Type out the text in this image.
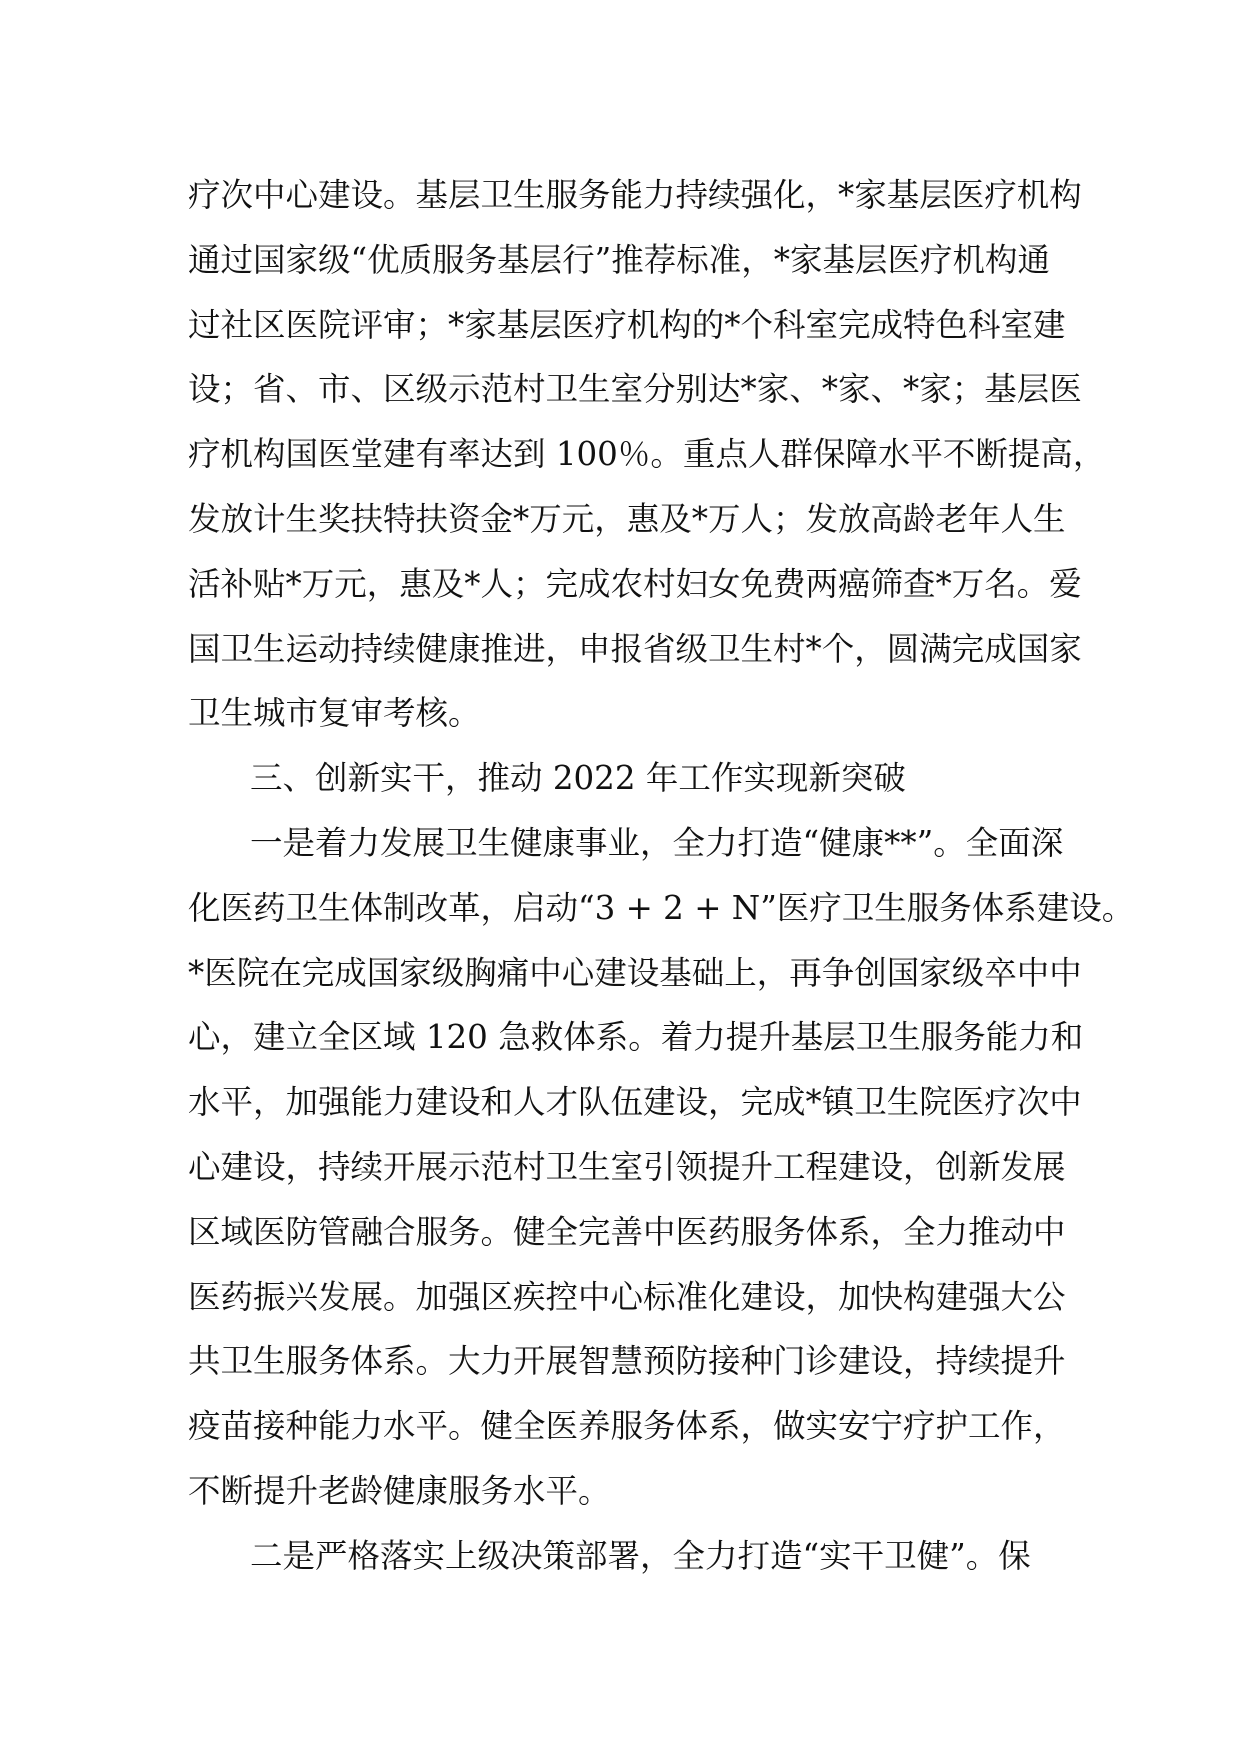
疗次中心建设。基层卫生服务能力持续强化，*家基层医疗机构
通过国家级“优质服务基层行”推荐标准，*家基层医疗机构通
过社区医院评审；*家基层医疗机构的*个科室完成特色科室建
设；省、市、区级示范村卫生室分别达*家、*家、*家；基层医
疗机构国医堂建有率达到 100％。重点人群保障水平不断提高，
发放计生奖扶特扶资金*万元，惠及*万人；发放高龄老年人生
活补贴*万元，惠及*人；完成农村妇女免费两癌筛查*万名。爱
国卫生运动持续健康推进，申报省级卫生村*个，圆满完成国家
卫生城市复审考核。
三、创新实干，推动 2022 年工作实现新突破
一是着力发展卫生健康事业，全力打造“健康**”。全面深
化医药卫生体制改革，启动“3 + 2 + N”医疗卫生服务体系建设。
*医院在完成国家级胸痛中心建设基础上，再争创国家级卒中中
心，建立全区域 120 急救体系。着力提升基层卫生服务能力和
水平，加强能力建设和人才队伍建设，完成*镇卫生院医疗次中
心建设，持续开展示范村卫生室引领提升工程建设，创新发展
区域医防管融合服务。健全完善中医药服务体系，全力推动中
医药振兴发展。加强区疾控中心标准化建设，加快构建强大公
共卫生服务体系。大力开展智慧预防接种门诊建设，持续提升
疫苗接种能力水平。健全医养服务体系，做实安宁疗护工作，
不断提升老龄健康服务水平。
二是严格落实上级决策部署，全力打造“实干卫健”。保
